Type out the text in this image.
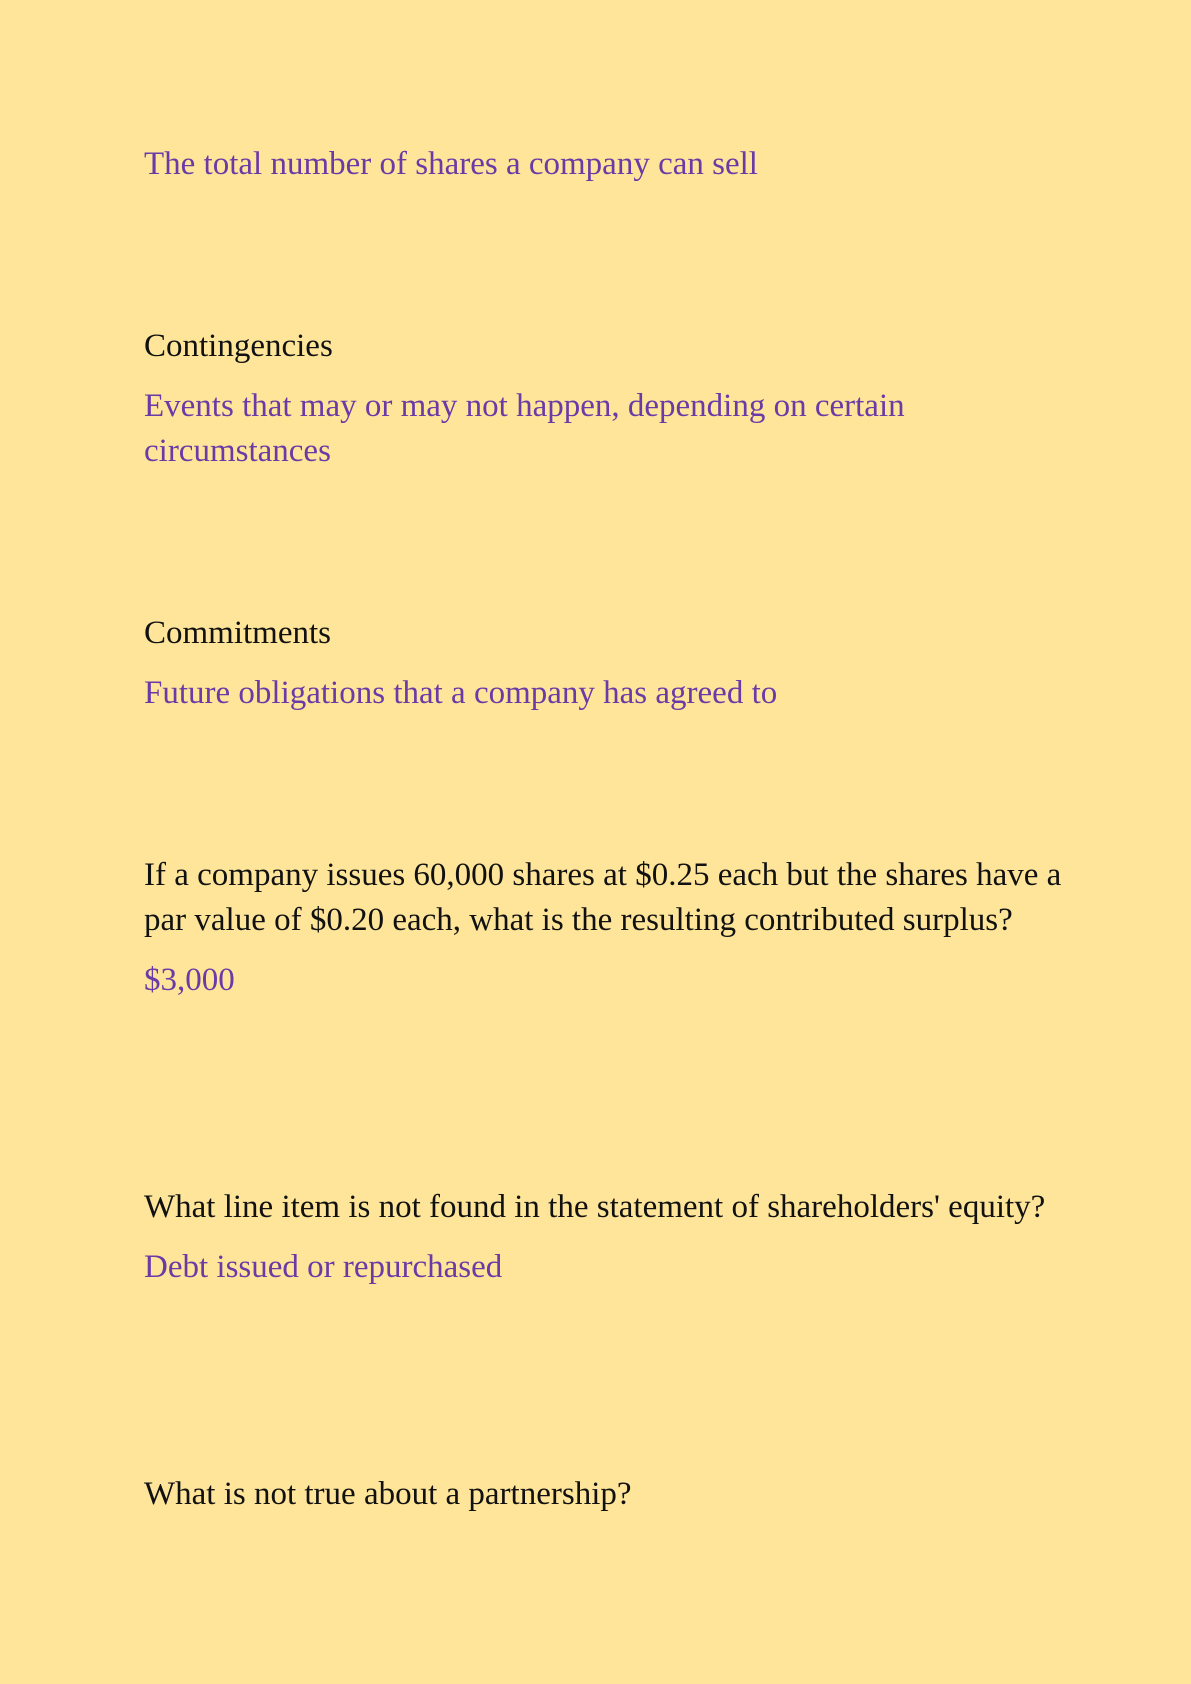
The total number of shares a company can sell

Contingencies

Events that may or may not happen, depending on certain circumstances

Commitments

Future obligations that a company has agreed to

If a company issues 60,000 shares at $0.25 each but the shares have a par value of $0.20 each, what is the resulting contributed surplus?

$3,000

What line item is not found in the statement of shareholders' equity?

Debt issued or repurchased

What is not true about a partnership?
